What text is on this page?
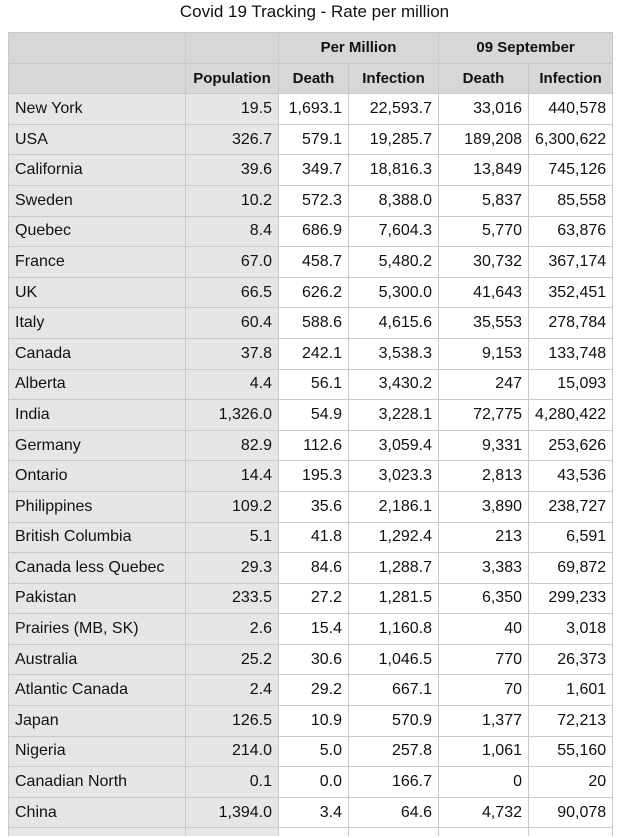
Covid 19 Tracking - Rate per million
		Per Million		09 September	
	Population	Death	Infection	Death	Infection
New York	19.5	1,693.1	22,593.7	33,016	440,578
USA	326.7	579.1	19,285.7	189,208	6,300,622
California	39.6	349.7	18,816.3	13,849	745,126
Sweden	10.2	572.3	8,388.0	5,837	85,558
Quebec	8.4	686.9	7,604.3	5,770	63,876
France	67.0	458.7	5,480.2	30,732	367,174
UK	66.5	626.2	5,300.0	41,643	352,451
Italy	60.4	588.6	4,615.6	35,553	278,784
Canada	37.8	242.1	3,538.3	9,153	133,748
Alberta	4.4	56.1	3,430.2	247	15,093
India	1,326.0	54.9	3,228.1	72,775	4,280,422
Germany	82.9	112.6	3,059.4	9,331	253,626
Ontario	14.4	195.3	3,023.3	2,813	43,536
Philippines	109.2	35.6	2,186.1	3,890	238,727
British Columbia	5.1	41.8	1,292.4	213	6,591
Canada less Quebec	29.3	84.6	1,288.7	3,383	69,872
Pakistan	233.5	27.2	1,281.5	6,350	299,233
Prairies (MB, SK)	2.6	15.4	1,160.8	40	3,018
Australia	25.2	30.6	1,046.5	770	26,373
Atlantic Canada	2.4	29.2	667.1	70	1,601
Japan	126.5	10.9	570.9	1,377	72,213
Nigeria	214.0	5.0	257.8	1,061	55,160
Canadian North	0.1	0.0	166.7	0	20
China	1,394.0	3.4	64.6	4,732	90,078
